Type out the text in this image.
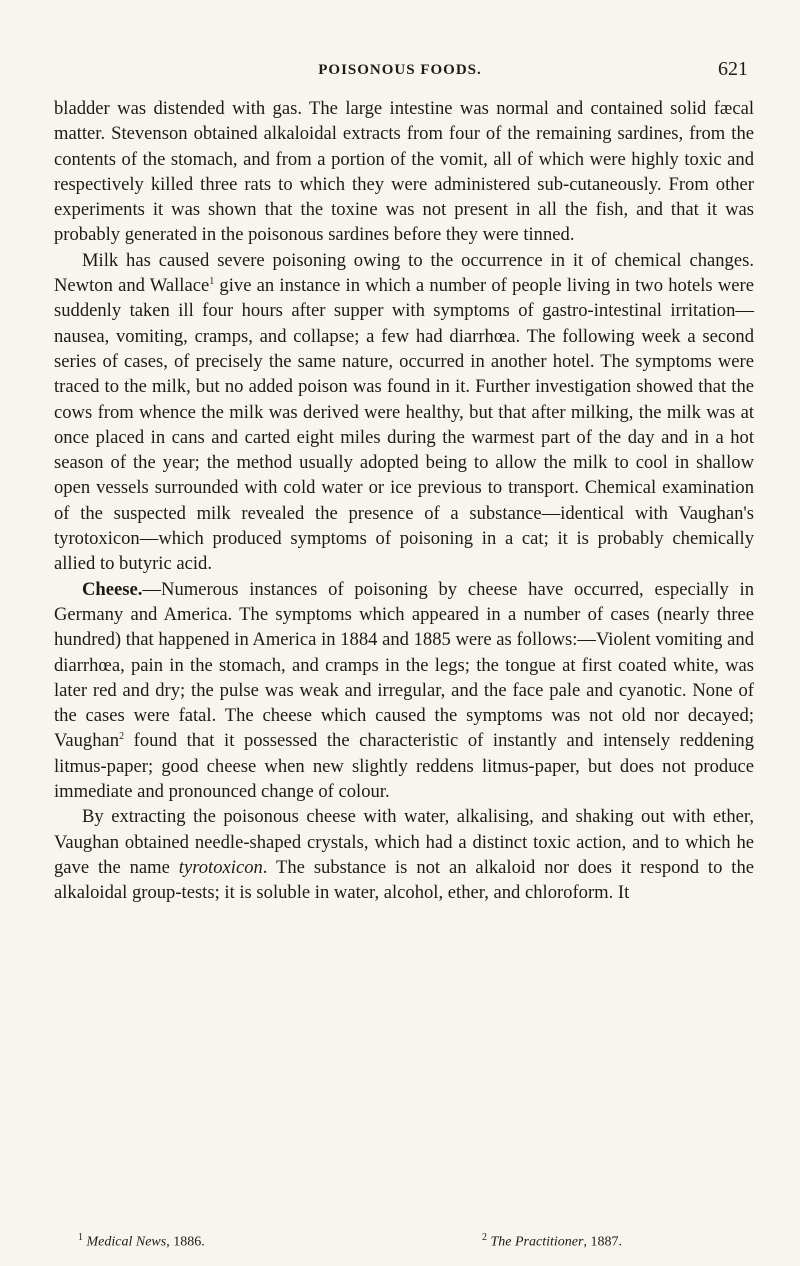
POISONOUS FOODS.	621

bladder was distended with gas. The large intestine was normal and contained solid fæcal matter. Stevenson obtained alkaloidal extracts from four of the remaining sardines, from the contents of the stomach, and from a portion of the vomit, all of which were highly toxic and respectively killed three rats to which they were administered sub-cutaneously. From other experiments it was shown that the toxine was not present in all the fish, and that it was probably generated in the poisonous sardines before they were tinned.

Milk has caused severe poisoning owing to the occurrence in it of chemical changes. Newton and Wallace$^1$ give an instance in which a number of people living in two hotels were suddenly taken ill four hours after supper with symptoms of gastro-intestinal irritation—nausea, vomiting, cramps, and collapse; a few had diarrhœa. The following week a second series of cases, of precisely the same nature, occurred in another hotel. The symptoms were traced to the milk, but no added poison was found in it. Further investigation showed that the cows from whence the milk was derived were healthy, but that after milking, the milk was at once placed in cans and carted eight miles during the warmest part of the day and in a hot season of the year; the method usually adopted being to allow the milk to cool in shallow open vessels surrounded with cold water or ice previous to transport. Chemical examination of the suspected milk revealed the presence of a substance—identical with Vaughan's tyrotoxicon—which produced symptoms of poisoning in a cat; it is probably chemically allied to butyric acid.

Cheese.—Numerous instances of poisoning by cheese have occurred, especially in Germany and America. The symptoms which appeared in a number of cases (nearly three hundred) that happened in America in 1884 and 1885 were as follows:—Violent vomiting and diarrhœa, pain in the stomach, and cramps in the legs; the tongue at first coated white, was later red and dry; the pulse was weak and irregular, and the face pale and cyanotic. None of the cases were fatal. The cheese which caused the symptoms was not old nor decayed; Vaughan$^2$ found that it possessed the characteristic of instantly and intensely reddening litmus-paper; good cheese when new slightly reddens litmus-paper, but does not produce immediate and pronounced change of colour.

By extracting the poisonous cheese with water, alkalising, and shaking out with ether, Vaughan obtained needle-shaped crystals, which had a distinct toxic action, and to which he gave the name tyrotoxicon. The substance is not an alkaloid nor does it respond to the alkaloidal group-tests; it is soluble in water, alcohol, ether, and chloroform. It

$^1$ Medical News, 1886.	$^2$ The Practitioner, 1887.
